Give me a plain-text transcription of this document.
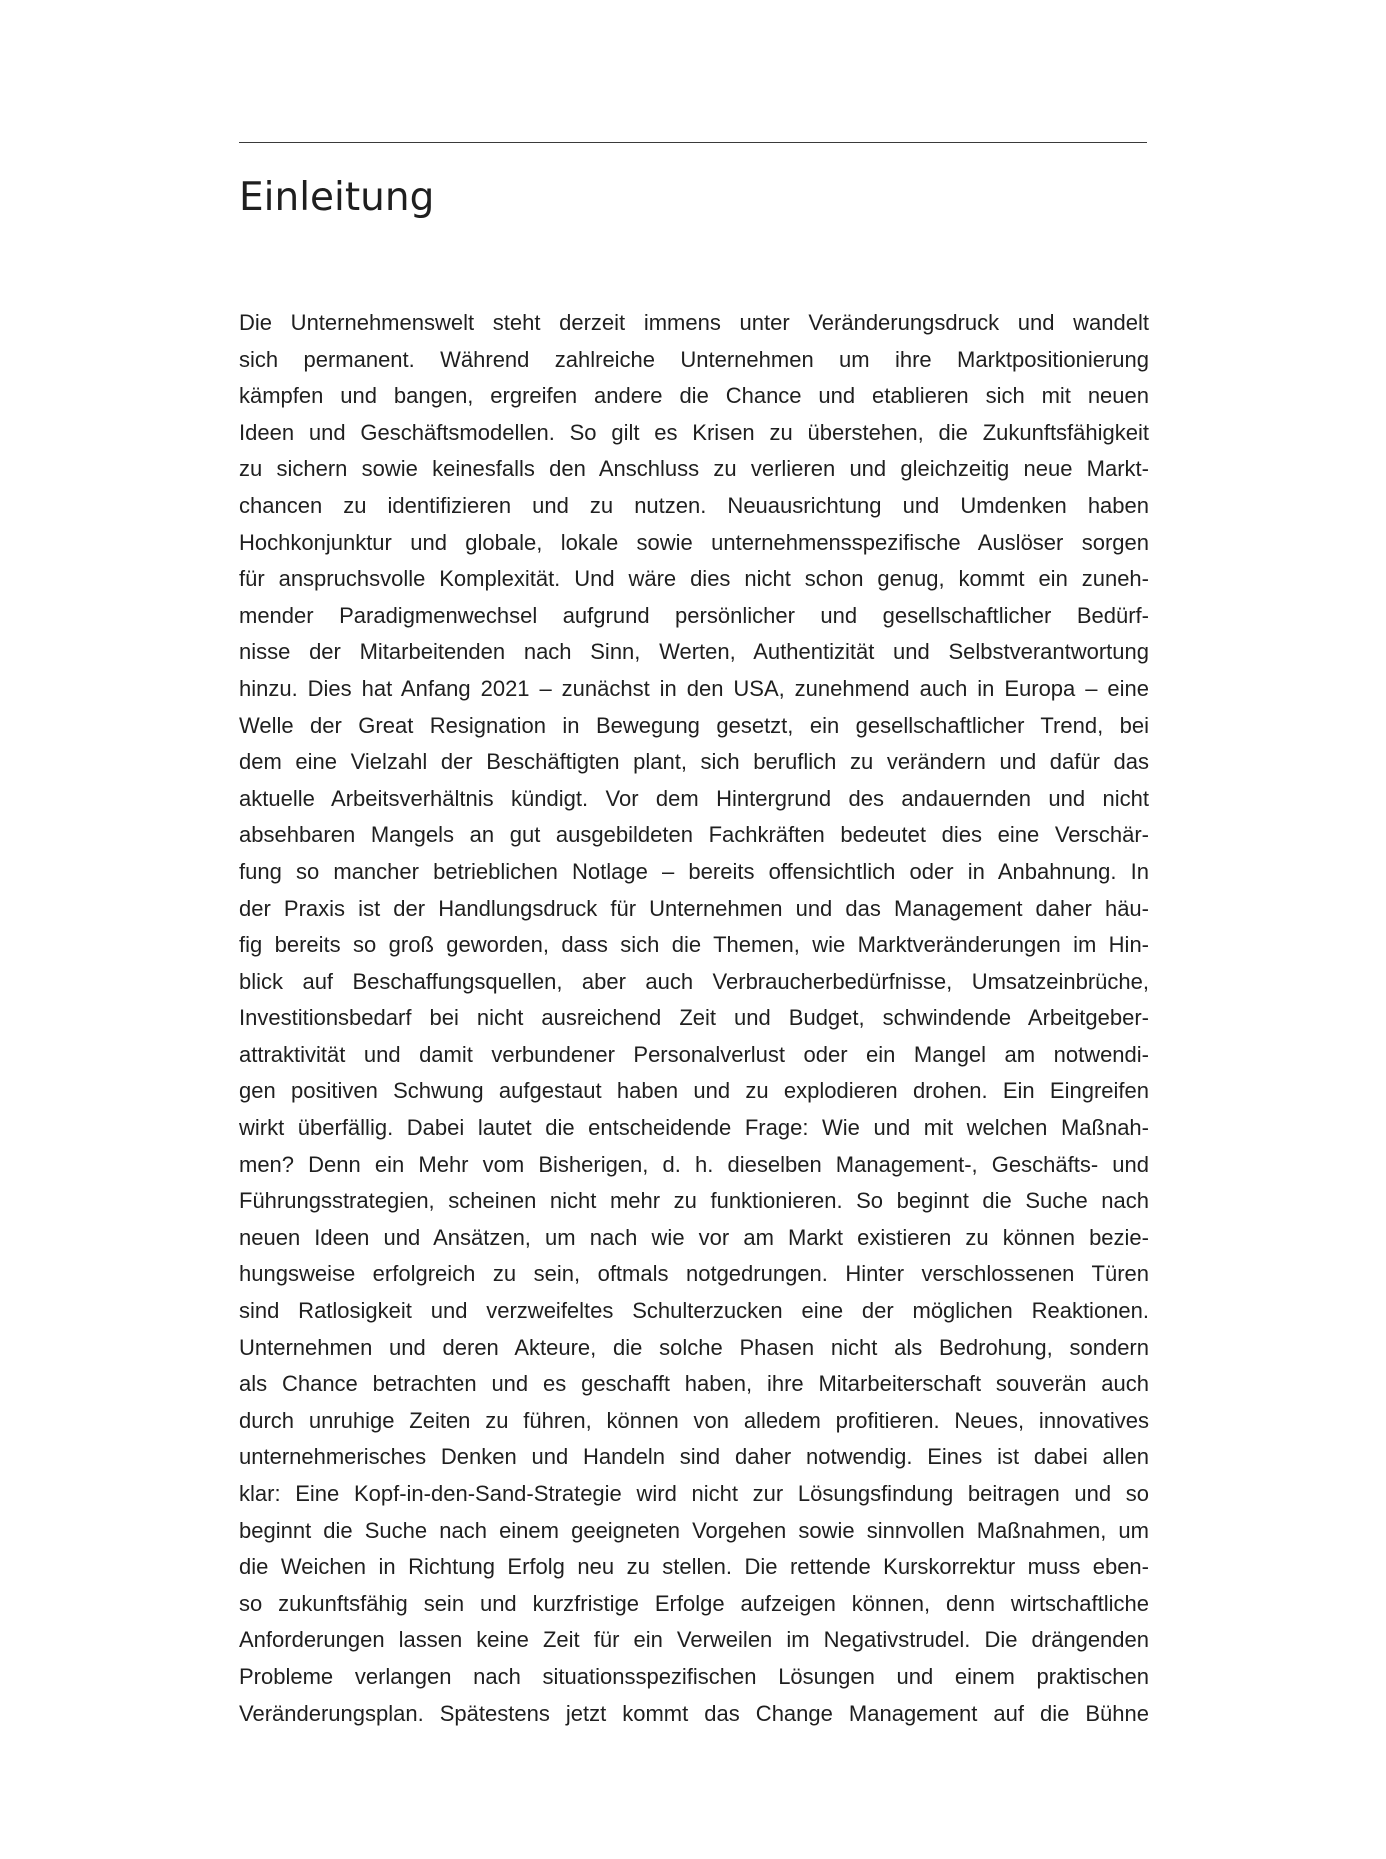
Einleitung
Die Unternehmenswelt steht derzeit immens unter Veränderungsdruck und wandelt
sich permanent. Während zahlreiche Unternehmen um ihre Marktpositionierung
kämpfen und bangen, ergreifen andere die Chance und etablieren sich mit neuen
Ideen und Geschäftsmodellen. So gilt es Krisen zu überstehen, die Zukunftsfähigkeit
zu sichern sowie keinesfalls den Anschluss zu verlieren und gleichzeitig neue Markt-
chancen zu identifizieren und zu nutzen. Neuausrichtung und Umdenken haben
Hochkonjunktur und globale, lokale sowie unternehmensspezifische Auslöser sorgen
für anspruchsvolle Komplexität. Und wäre dies nicht schon genug, kommt ein zuneh-
mender Paradigmenwechsel aufgrund persönlicher und gesellschaftlicher Bedürf-
nisse der Mitarbeitenden nach Sinn, Werten, Authentizität und Selbstverantwortung
hinzu. Dies hat Anfang 2021 – zunächst in den USA, zunehmend auch in Europa – eine
Welle der Great Resignation in Bewegung gesetzt, ein gesellschaftlicher Trend, bei
dem eine Vielzahl der Beschäftigten plant, sich beruflich zu verändern und dafür das
aktuelle Arbeitsverhältnis kündigt. Vor dem Hintergrund des andauernden und nicht
absehbaren Mangels an gut ausgebildeten Fachkräften bedeutet dies eine Verschär-
fung so mancher betrieblichen Notlage – bereits offensichtlich oder in Anbahnung. In
der Praxis ist der Handlungsdruck für Unternehmen und das Management daher häu-
fig bereits so groß geworden, dass sich die Themen, wie Marktveränderungen im Hin-
blick auf Beschaffungsquellen, aber auch Verbraucherbedürfnisse, Umsatzeinbrüche,
Investitionsbedarf bei nicht ausreichend Zeit und Budget, schwindende Arbeitgeber-
attraktivität und damit verbundener Personalverlust oder ein Mangel am notwendi-
gen positiven Schwung aufgestaut haben und zu explodieren drohen. Ein Eingreifen
wirkt überfällig. Dabei lautet die entscheidende Frage: Wie und mit welchen Maßnah-
men? Denn ein Mehr vom Bisherigen, d. h. dieselben Management-, Geschäfts- und
Führungsstrategien, scheinen nicht mehr zu funktionieren. So beginnt die Suche nach
neuen Ideen und Ansätzen, um nach wie vor am Markt existieren zu können bezie-
hungsweise erfolgreich zu sein, oftmals notgedrungen. Hinter verschlossenen Türen
sind Ratlosigkeit und verzweifeltes Schulterzucken eine der möglichen Reaktionen.
Unternehmen und deren Akteure, die solche Phasen nicht als Bedrohung, sondern
als Chance betrachten und es geschafft haben, ihre Mitarbeiterschaft souverän auch
durch unruhige Zeiten zu führen, können von alledem profitieren. Neues, innovatives
unternehmerisches Denken und Handeln sind daher notwendig. Eines ist dabei allen
klar: Eine Kopf-in-den-Sand-Strategie wird nicht zur Lösungsfindung beitragen und so
beginnt die Suche nach einem geeigneten Vorgehen sowie sinnvollen Maßnahmen, um
die Weichen in Richtung Erfolg neu zu stellen. Die rettende Kurskorrektur muss eben-
so zukunftsfähig sein und kurzfristige Erfolge aufzeigen können, denn wirtschaftliche
Anforderungen lassen keine Zeit für ein Verweilen im Negativstrudel. Die drängenden
Probleme verlangen nach situationsspezifischen Lösungen und einem praktischen
Veränderungsplan. Spätestens jetzt kommt das Change Management auf die Bühne
